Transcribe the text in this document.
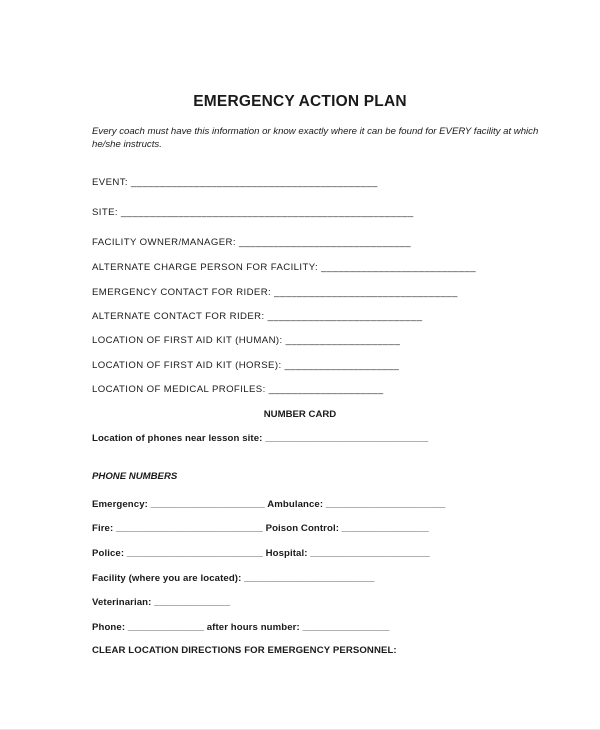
EMERGENCY ACTION PLAN
Every coach must have this information or know exactly where it can be found for EVERY facility at which he/she instructs.
EVENT: ___________________________________________
SITE: ___________________________________________________
FACILITY OWNER/MANAGER: ______________________________
ALTERNATE CHARGE PERSON FOR FACILITY: ___________________________
EMERGENCY CONTACT FOR RIDER: ________________________________
ALTERNATE CONTACT FOR RIDER: ___________________________
LOCATION OF FIRST AID KIT (HUMAN): ____________________
LOCATION OF FIRST AID KIT (HORSE): ____________________
LOCATION OF MEDICAL PROFILES: ____________________
NUMBER CARD
Location of phones near lesson site: ______________________________
PHONE NUMBERS
Emergency: _____________________ Ambulance: ______________________
Fire: ___________________________ Poison Control: ________________
Police: _________________________ Hospital: ______________________
Facility (where you are located): ________________________
Veterinarian: ______________
Phone: ______________ after hours number: ________________
CLEAR LOCATION DIRECTIONS FOR EMERGENCY PERSONNEL:
